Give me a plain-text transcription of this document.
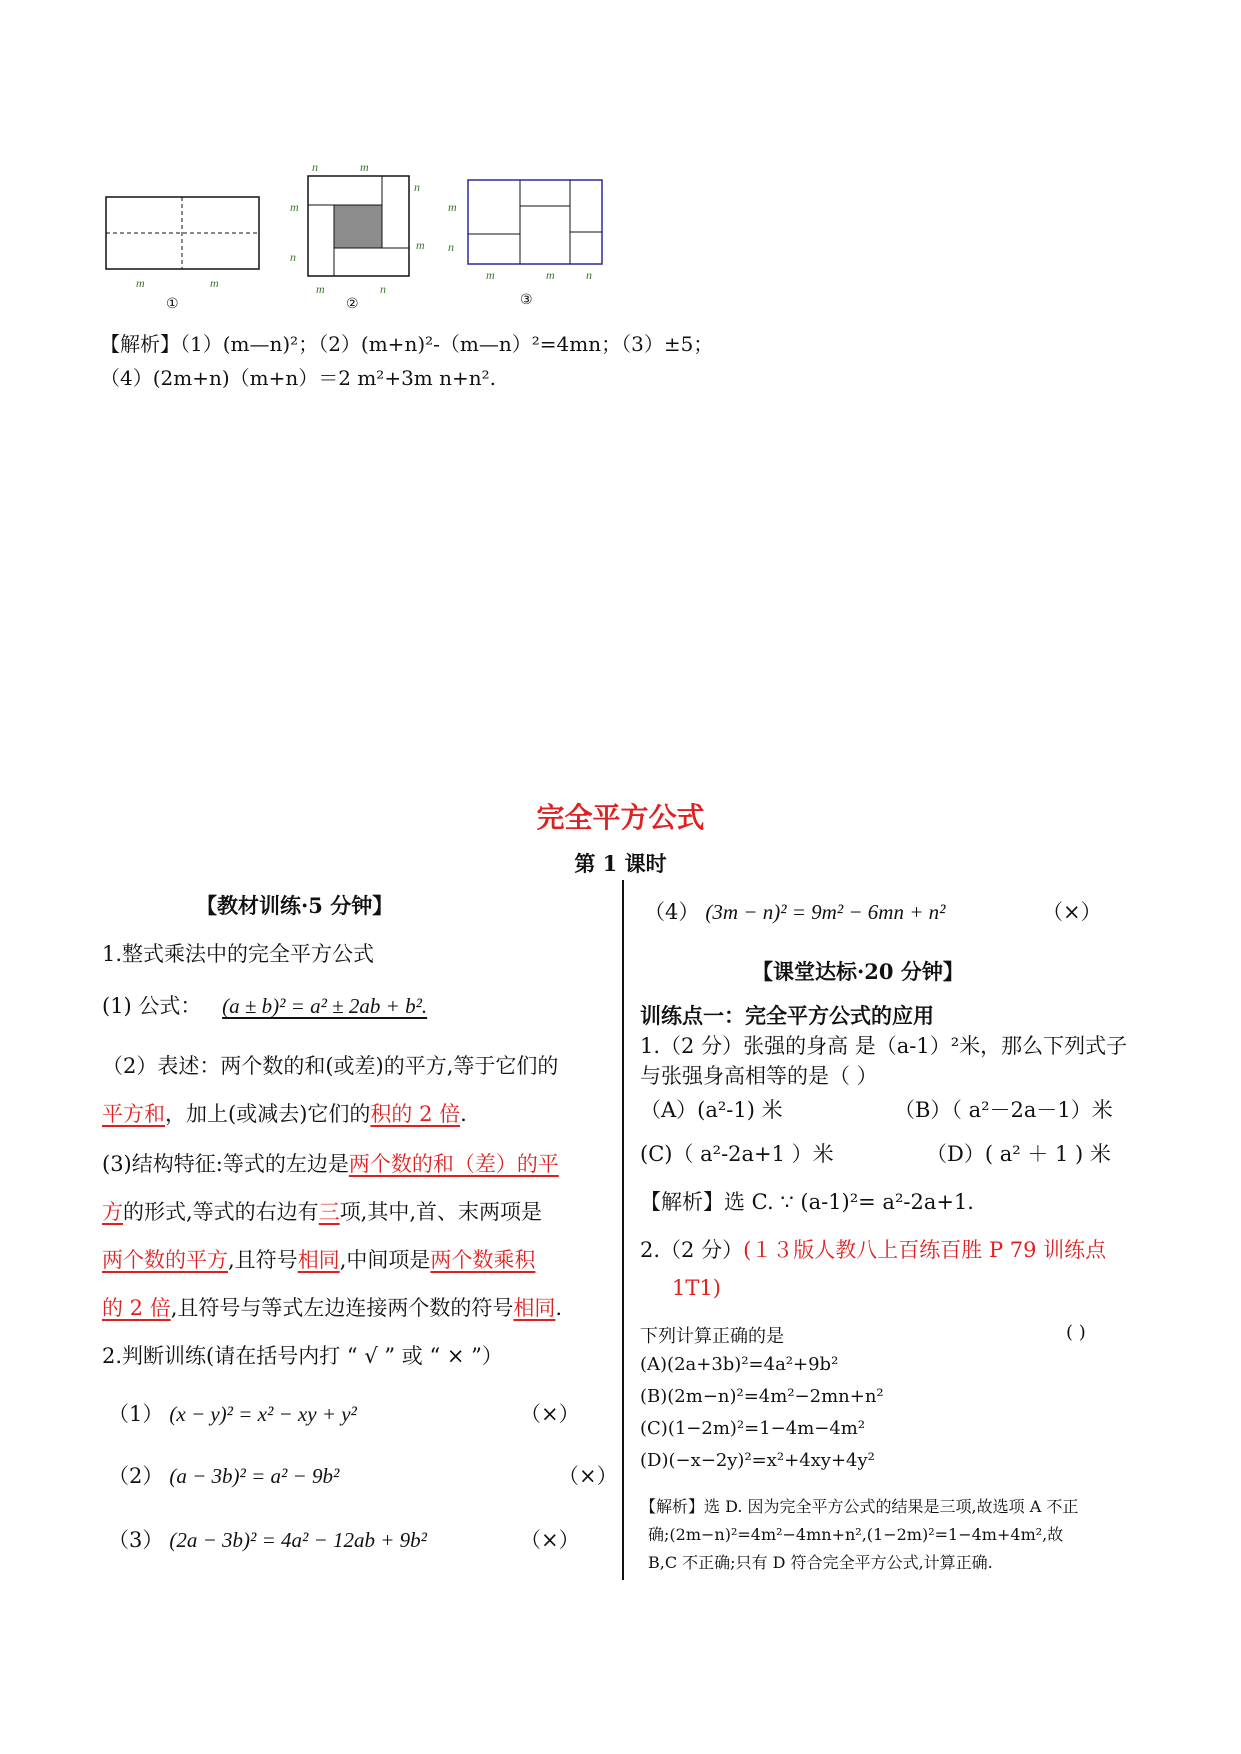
m	m
①
n	m
n
m
m
n
m	n
②
m
n
m	m	n
③
【解析】（1）(m—n)²；（2）(m+n)²-（m—n）²=4mn；（3）±5；
（4）(2m+n)（m+n）＝2 m²+3m n+n².
完全平方公式
第 1 课时
【教材训练·5 分钟】
1.整式乘法中的完全平方公式
(1) 公式： (a ± b)² = a² ± 2ab + b².
（2）表述：两个数的和(或差)的平方,等于它们的
平方和，加上(或减去)它们的积的 2 倍.
(3)结构特征:等式的左边是两个数的和（差）的平
方的形式,等式的右边有三项,其中,首、末两项是
两个数的平方,且符号相同,中间项是两个数乘积
的 2 倍,且符号与等式左边连接两个数的符号相同.
2.判断训练(请在括号内打 “ √ ” 或 “ × ”）
（1） (x − y)² = x² − xy + y²	（×）
（2） (a − 3b)² = a² − 9b²	（×）
（3） (2a − 3b)² = 4a² − 12ab + 9b²	（×）
（4） (3m − n)² = 9m² − 6mn + n²	（×）
【课堂达标·20 分钟】
训练点一：完全平方公式的应用
1.（2 分）张强的身高 是（a-1）²米，那么下列式子
与张强身高相等的是（ ）
（A）(a²-1) 米	（B）（ a²－2a－1）米
(C)（ a²-2a+1 ）米	（D）( a² ＋ 1 ) 米
【解析】选 C. ∵ (a-1)²= a²-2a+1.
2.（2 分）(１３版人教八上百练百胜 P 79 训练点
1T1)
下列计算正确的是	( )
(A)(2a+3b)²=4a²+9b²
(B)(2m−n)²=4m²−2mn+n²
(C)(1−2m)²=1−4m−4m²
(D)(−x−2y)²=x²+4xy+4y²
【解析】选 D. 因为完全平方公式的结果是三项,故选项 A 不正
确;(2m−n)²=4m²−4mn+n²,(1−2m)²=1−4m+4m²,故
B,C 不正确;只有 D 符合完全平方公式,计算正确.
